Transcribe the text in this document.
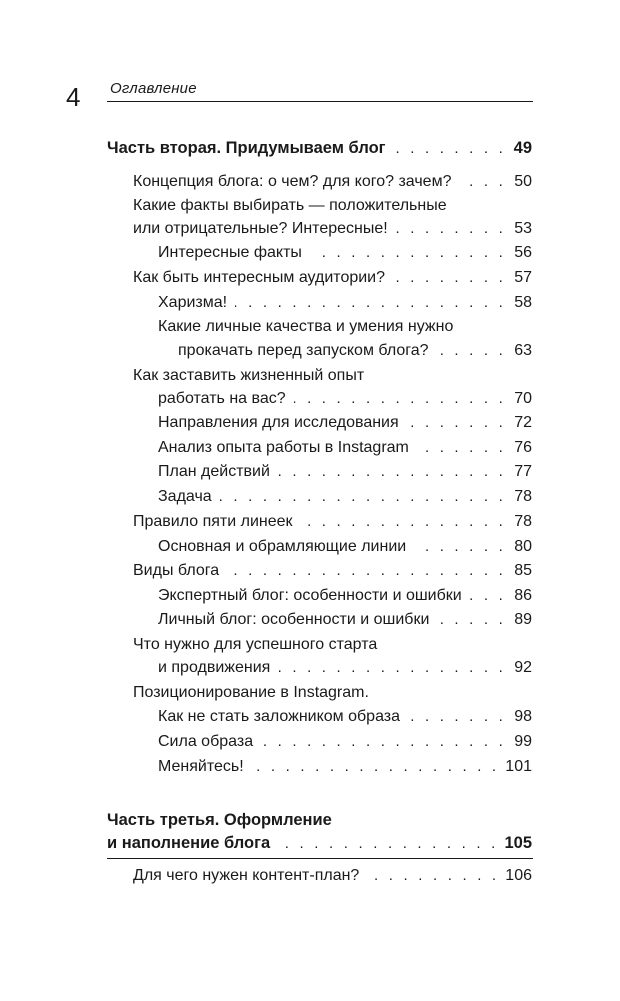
4 Оглавление
Часть вторая. Придумываем блог . . .	49
Концепция блога: о чем? для кого? зачем? . . .	50
Какие факты выбирать — положительные
или отрицательные? Интересные! . . .	53
Интересные факты . . .	56
Как быть интересным аудитории? . . .	57
Харизма! . . .	58
Какие личные качества и умения нужно
прокачать перед запуском блога? . . .	63
Как заставить жизненный опыт
работать на вас? . . .	70
Направления для исследования . . .	72
Анализ опыта работы в Instagram . . .	76
План действий . . .	77
Задача . . .	78
Правило пяти линеек . . .	78
Основная и обрамляющие линии . . .	80
Виды блога . . .	85
Экспертный блог: особенности и ошибки . . .	86
Личный блог: особенности и ошибки . . .	89
Что нужно для успешного старта
и продвижения . . .	92
Позиционирование в Instagram.
Как не стать заложником образа . . .	98
Сила образа . . .	99
Меняйтесь! . . .	101
Часть третья. Оформление
и наполнение блога . . .	105
Для чего нужен контент-план? . . .	106
